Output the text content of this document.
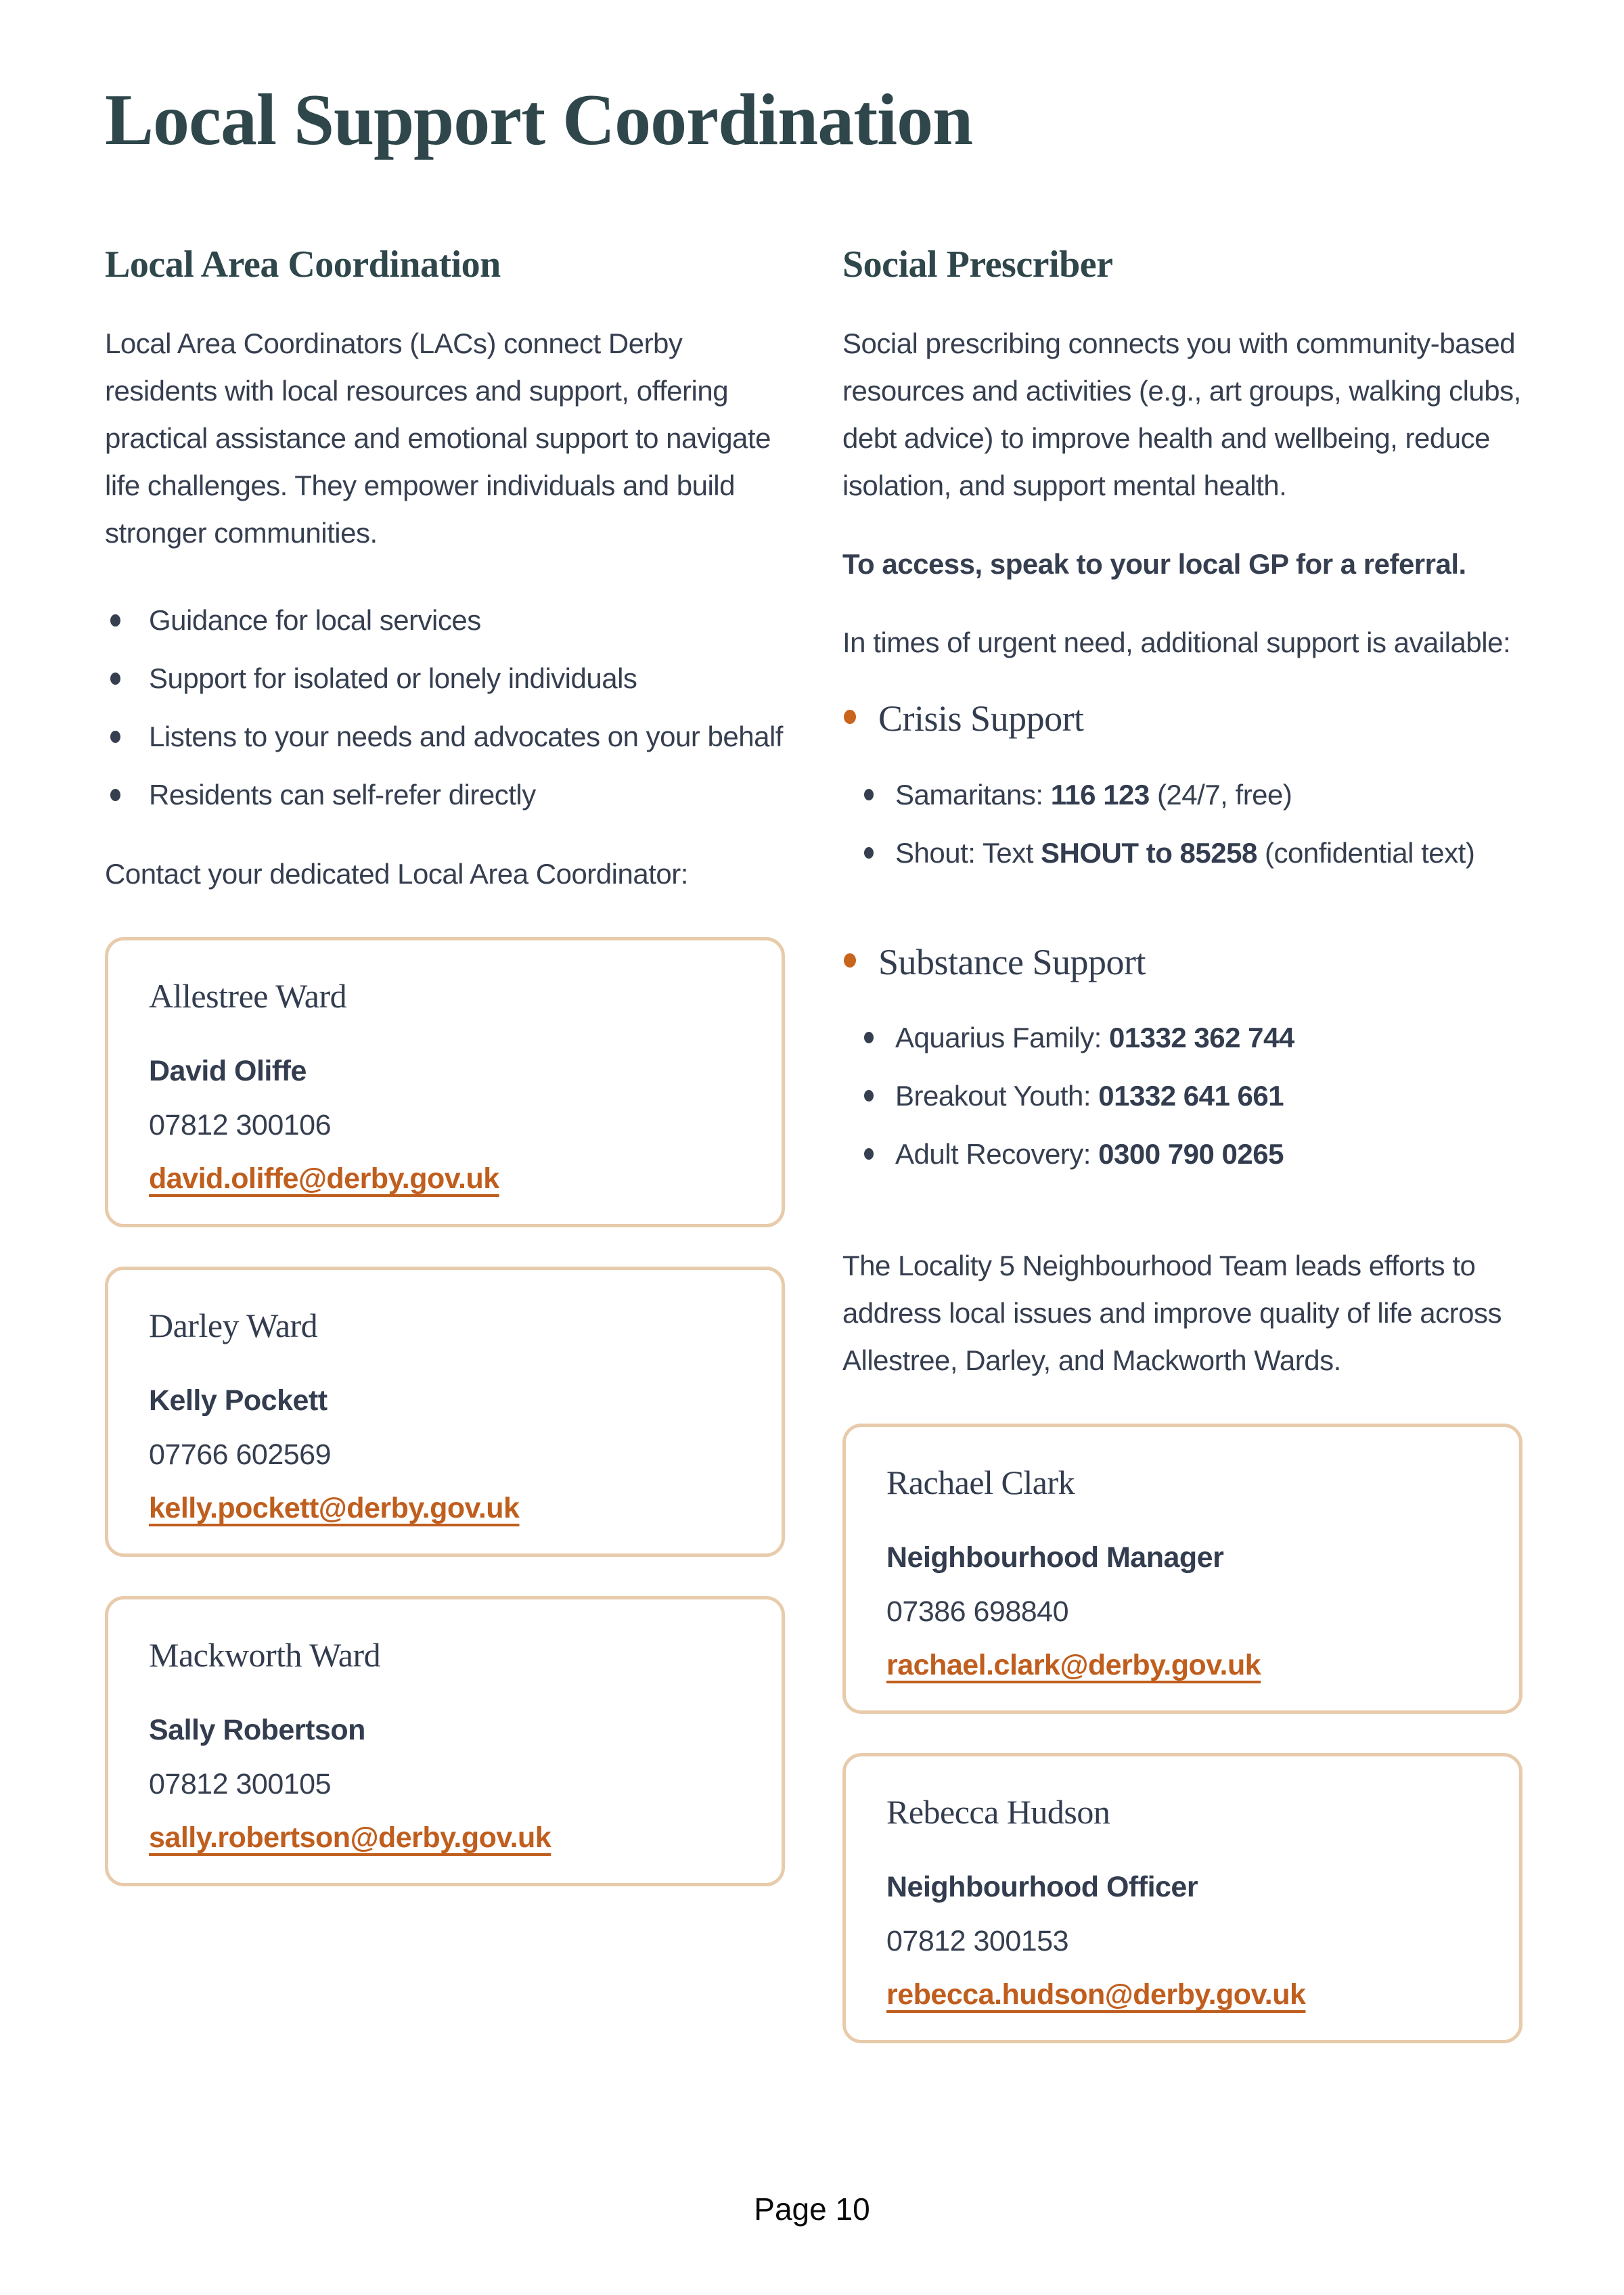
Local Support Coordination
Local Area Coordination

Local Area Coordinators (LACs) connect Derby residents with local resources and support, offering practical assistance and emotional support to navigate life challenges. They empower individuals and build stronger communities.

Guidance for local services
Support for isolated or lonely individuals
Listens to your needs and advocates on your behalf
Residents can self-refer directly

Contact your dedicated Local Area Coordinator:

Allestree Ward

David Oliffe

07812 300106

david.oliffe@derby.gov.uk
Darley Ward

Kelly Pockett

07766 602569

kelly.pockett@derby.gov.uk
Mackworth Ward

Sally Robertson

07812 300105

sally.robertson@derby.gov.uk
Social Prescriber

Social prescribing connects you with community-based resources and activities (e.g., art groups, walking clubs, debt advice) to improve health and wellbeing, reduce isolation, and support mental health.

To access, speak to your local GP for a referral.

In times of urgent need, additional support is available:

Crisis Support
Samaritans: 116 123 (24/7, free)
Shout: Text SHOUT to 85258 (confidential text)
Substance Support
Aquarius Family: 01332 362 744
Breakout Youth: 01332 641 661
Adult Recovery: 0300 790 0265

The Locality 5 Neighbourhood Team leads efforts to address local issues and improve quality of life across Allestree, Darley, and Mackworth Wards.

Rachael Clark

Neighbourhood Manager

07386 698840

rachael.clark@derby.gov.uk
Rebecca Hudson

Neighbourhood Officer

07812 300153

rebecca.hudson@derby.gov.uk
Page 10
